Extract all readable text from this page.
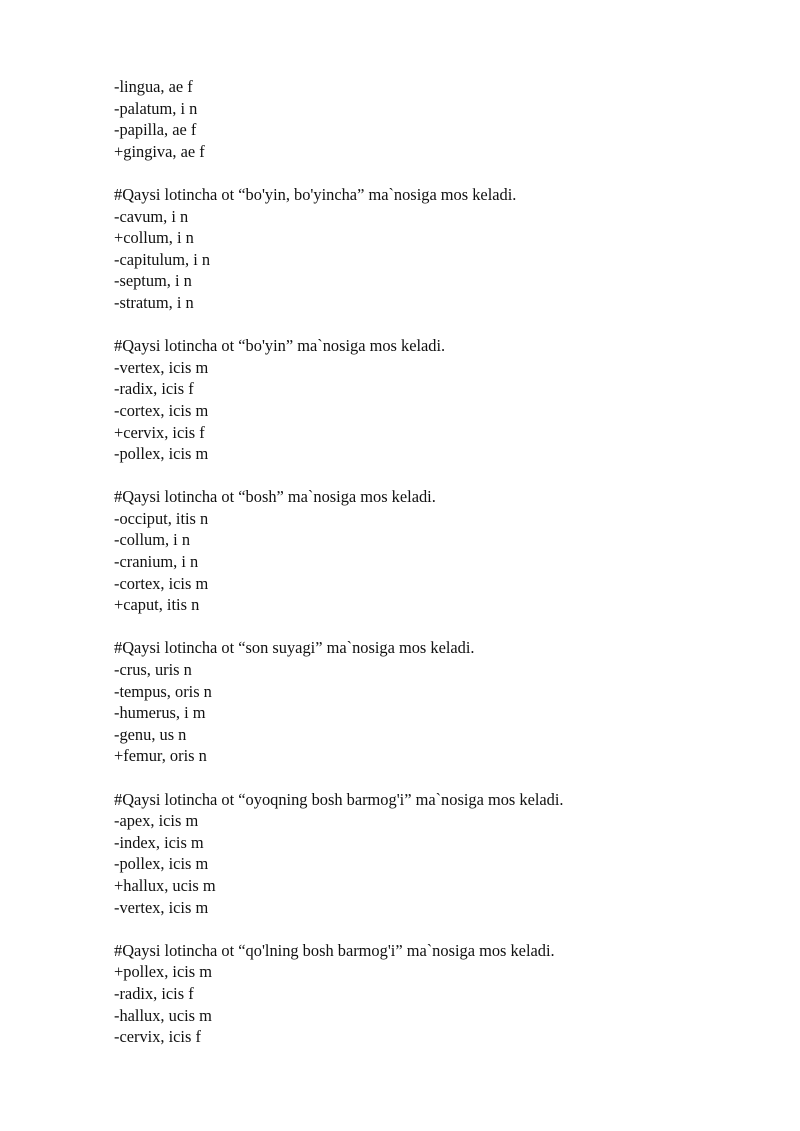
-lingua, ae f
-palatum, i n
-papilla, ae f
+gingiva, ae f
#Qaysi lotincha ot “bo'yin, bo'yincha” ma`nosiga mos keladi.
-cavum, i n
+collum, i n
-capitulum, i n
-septum, i n
-stratum, i n
#Qaysi lotincha ot “bo'yin” ma`nosiga mos keladi.
-vertex, icis m
-radix, icis f
-cortex, icis m
+cervix, icis f
-pollex, icis m
#Qaysi lotincha ot “bosh” ma`nosiga mos keladi.
-occiput, itis n
-collum, i n
-cranium, i n
-cortex, icis m
+caput, itis n
#Qaysi lotincha ot “son suyagi” ma`nosiga mos keladi.
-crus, uris n
-tempus, oris n
-humerus, i m
-genu, us n
+femur, oris n
#Qaysi lotincha ot “oyoqning bosh barmog'i” ma`nosiga mos keladi.
-apex, icis m
-index, icis m
-pollex, icis m
+hallux, ucis m
-vertex, icis m
#Qaysi lotincha ot “qo'lning bosh barmog'i” ma`nosiga mos keladi.
+pollex, icis m
-radix, icis f
-hallux, ucis m
-cervix, icis f
